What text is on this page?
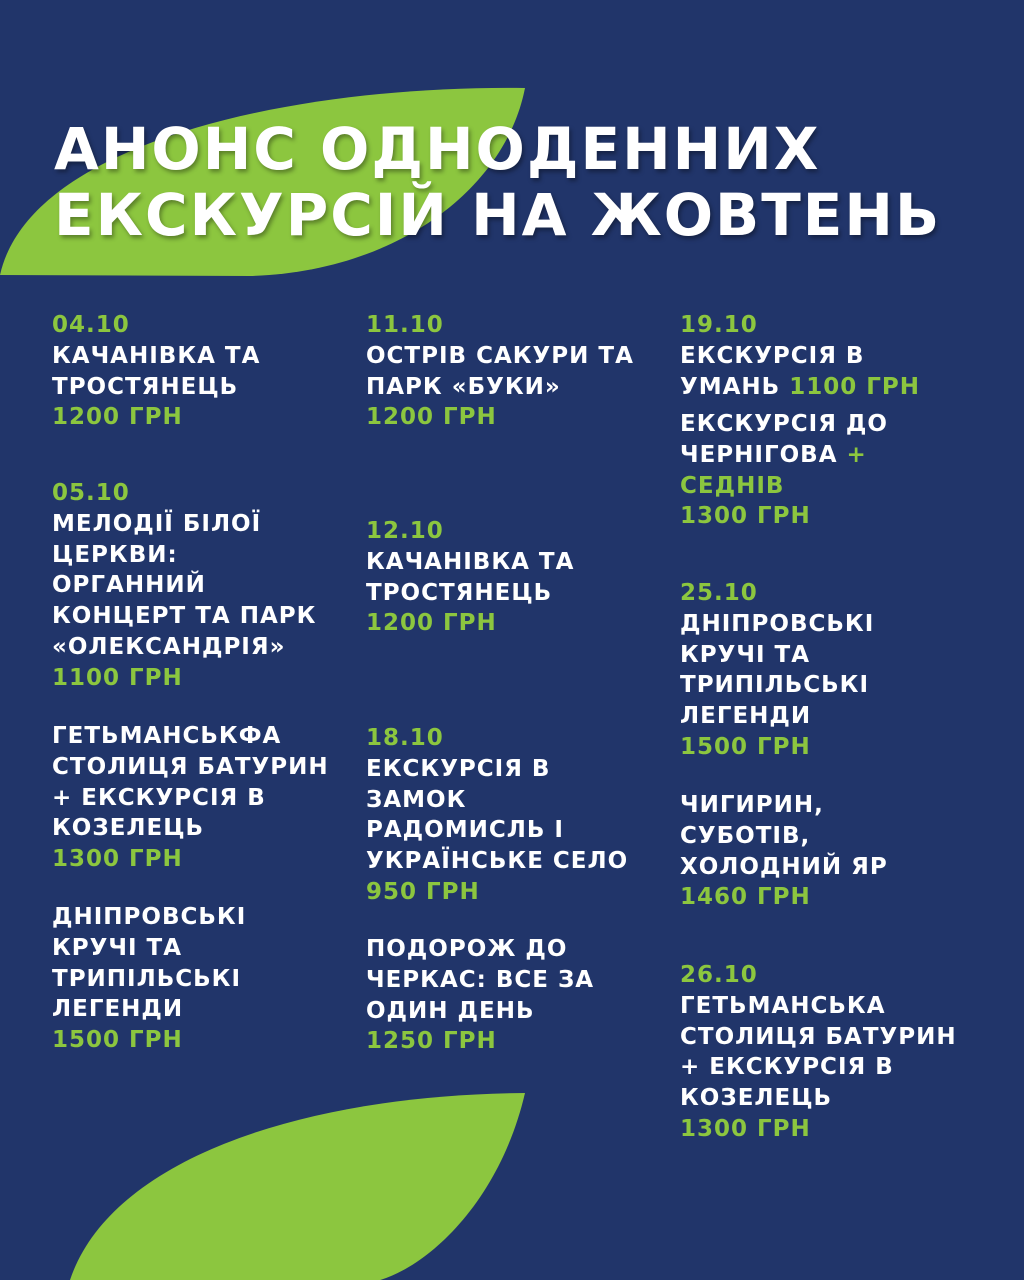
АНОНС ОДНОДЕННИХ
ЕКСКУРСІЙ НА ЖОВТЕНЬ
04.10
КАЧАНІВКА ТА
ТРОСТЯНЕЦЬ
1200 ГРН
05.10
МЕЛОДІЇ БІЛОЇ
ЦЕРКВИ:
ОРГАННИЙ
КОНЦЕРТ ТА ПАРК
«ОЛЕКСАНДРІЯ»
1100 ГРН
ГЕТЬМАНСЬКФА
СТОЛИЦЯ БАТУРИН
+ ЕКСКУРСІЯ В
КОЗЕЛЕЦЬ
1300 ГРН
ДНІПРОВСЬКІ
КРУЧІ ТА
ТРИПІЛЬСЬКІ
ЛЕГЕНДИ
1500 ГРН
11.10
ОСТРІВ САКУРИ ТА
ПАРК «БУКИ»
1200 ГРН
12.10
КАЧАНІВКА ТА
ТРОСТЯНЕЦЬ
1200 ГРН
18.10
ЕКСКУРСІЯ В
ЗАМОК
РАДОМИСЛЬ І
УКРАЇНСЬКЕ СЕЛО
950 ГРН
ПОДОРОЖ ДО
ЧЕРКАС: ВСЕ ЗА
ОДИН ДЕНЬ
1250 ГРН
19.10
ЕКСКУРСІЯ В
УМАНЬ 1100 ГРН
ЕКСКУРСІЯ ДО
ЧЕРНІГОВА +
СЕДНІВ
1300 ГРН
25.10
ДНІПРОВСЬКІ
КРУЧІ ТА
ТРИПІЛЬСЬКІ
ЛЕГЕНДИ
1500 ГРН
ЧИГИРИН,
СУБОТІВ,
ХОЛОДНИЙ ЯР
1460 ГРН
26.10
ГЕТЬМАНСЬКА
СТОЛИЦЯ БАТУРИН
+ ЕКСКУРСІЯ В
КОЗЕЛЕЦЬ
1300 ГРН
